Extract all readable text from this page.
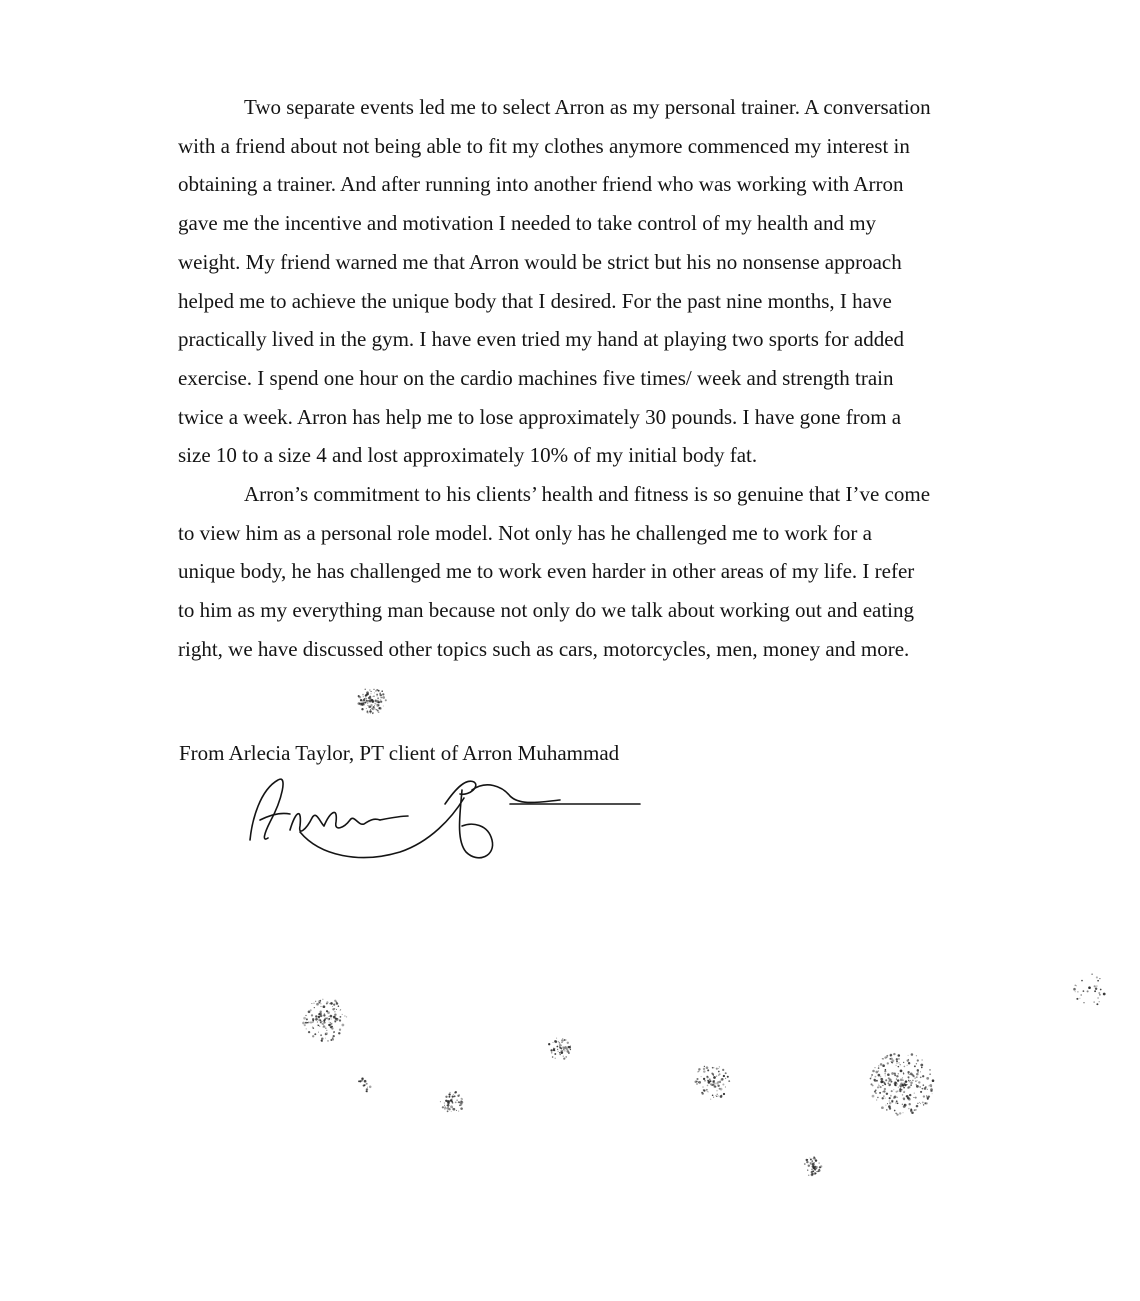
Two separate events led me to select Arron as my personal trainer. A conversation
with a friend about not being able to fit my clothes anymore commenced my interest in
obtaining a trainer. And after running into another friend who was working with Arron
gave me the incentive and motivation I needed to take control of my health and my
weight. My friend warned me that Arron would be strict but his no nonsense approach
helped me to achieve the unique body that I desired. For the past nine months, I have
practically lived in the gym. I have even tried my hand at playing two sports for added
exercise. I spend one hour on the cardio machines five times/ week and strength train
twice a week. Arron has help me to lose approximately 30 pounds. I have gone from a
size 10 to a size 4 and lost approximately 10% of my initial body fat.

Arron’s commitment to his clients’ health and fitness is so genuine that I’ve come
to view him as a personal role model. Not only has he challenged me to work for a
unique body, he has challenged me to work even harder in other areas of my life. I refer
to him as my everything man because not only do we talk about working out and eating
right, we have discussed other topics such as cars, motorcycles, men, money and more.

From Arlecia Taylor, PT client of Arron Muhammad
